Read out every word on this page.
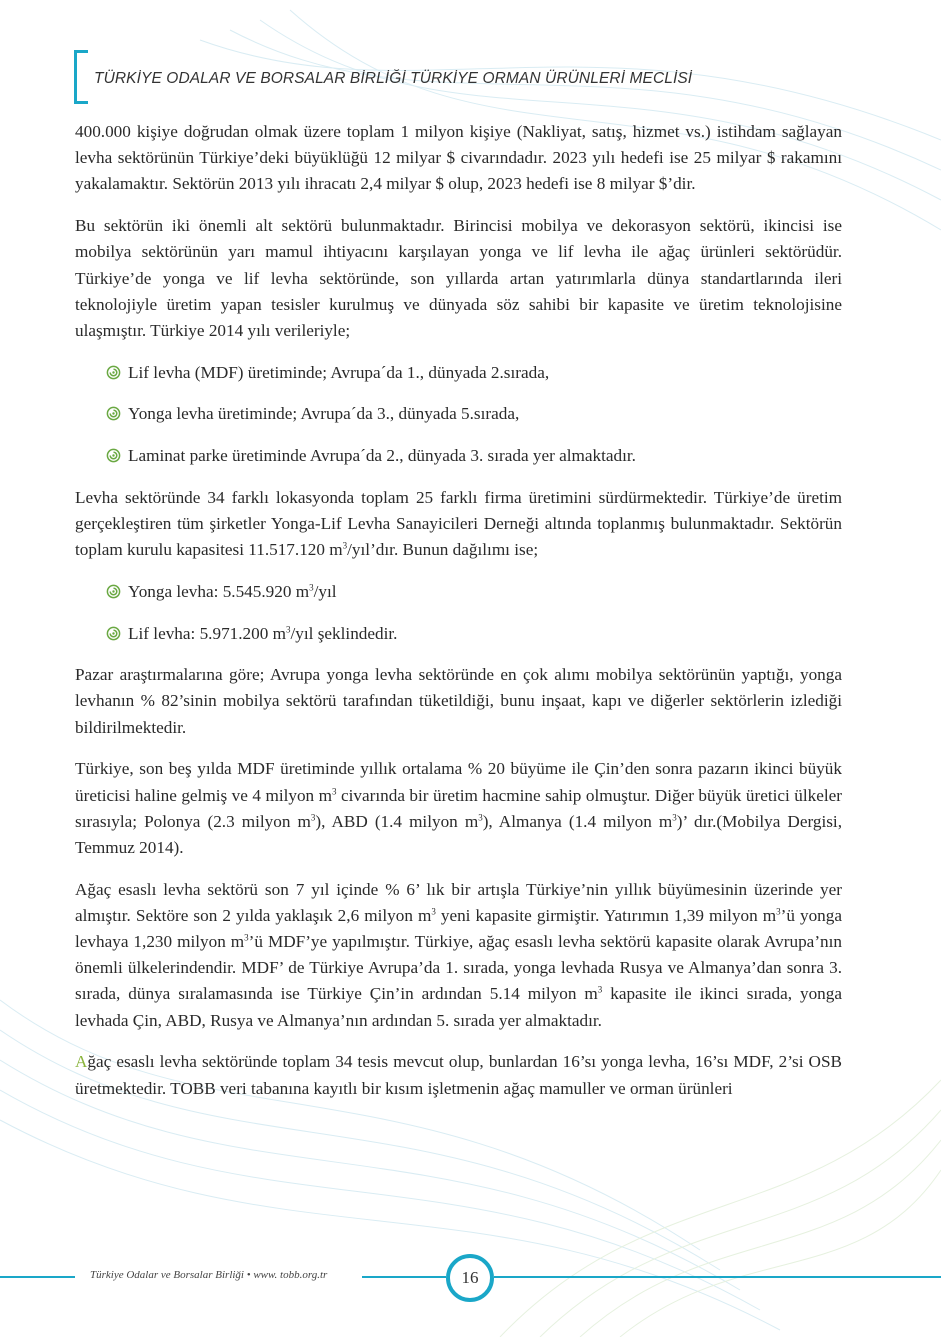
TÜRKİYE ODALAR VE BORSALAR BİRLİĞİ TÜRKİYE ORMAN ÜRÜNLERİ MECLİSİ

400.000 kişiye doğrudan olmak üzere toplam 1 milyon kişiye (Nakliyat, satış, hizmet vs.) istihdam sağlayan levha sektörünün Türkiye’deki büyüklüğü 12 milyar $ civarındadır. 2023 yılı hedefi ise 25 milyar $ rakamını yakalamaktır. Sektörün 2013 yılı ihracatı 2,4 milyar $ olup, 2023 hedefi ise 8 milyar $’dir.

Bu sektörün iki önemli alt sektörü bulunmaktadır. Birincisi mobilya ve dekorasyon sektörü, ikincisi ise mobilya sektörünün yarı mamul ihtiyacını karşılayan yonga ve lif levha ile ağaç ürünleri sektörüdür. Türkiye’de yonga ve lif levha sektöründe, son yıllarda artan yatırımlarla dünya standartlarında ileri teknolojiyle üretim yapan tesisler kurulmuş ve dünyada söz sahibi bir kapasite ve üretim teknolojisine ulaşmıştır. Türkiye 2014 yılı verileriyle;

Lif levha (MDF) üretiminde; Avrupa´da 1., dünyada 2.sırada,
Yonga levha üretiminde; Avrupa´da 3., dünyada 5.sırada,
Laminat parke üretiminde Avrupa´da 2., dünyada 3. sırada yer almaktadır.

Levha sektöründe 34 farklı lokasyonda toplam 25 farklı firma üretimini sürdürmektedir. Türkiye’de üretim gerçekleştiren tüm şirketler Yonga-Lif Levha Sanayicileri Derneği altında toplanmış bulunmaktadır. Sektörün toplam kurulu kapasitesi 11.517.120 $m^3/yıl’dır$. Bunun dağılımı ise;

Yonga levha: 5.545.920 $m^3$/yıl
Lif levha: 5.971.200 $m^3$/yıl şeklindedir.

Pazar araştırmalarına göre; Avrupa yonga levha sektöründe en çok alımı mobilya sektörünün yaptığı, yonga levhanın % 82’sinin mobilya sektörü tarafından tüketildiği, bunu inşaat, kapı ve diğerler sektörlerin izlediği bildirilmektedir.

Türkiye, son beş yılda MDF üretiminde yıllık ortalama % 20 büyüme ile Çin’den sonra pazarın ikinci büyük üreticisi haline gelmiş ve 4 milyon $m^3$ civarında bir üretim hacmine sahip olmuştur. Diğer büyük üretici ülkeler sırasıyla; Polonya (2.3 milyon $m^3$), ABD (1.4 milyon $m^3$), Almanya (1.4 milyon $m^3$)’ dır.(Mobilya Dergisi, Temmuz 2014).

Ağaç esaslı levha sektörü son 7 yıl içinde % 6’ lık bir artışla Türkiye’nin yıllık büyümesinin üzerinde yer almıştır. Sektöre son 2 yılda yaklaşık 2,6 milyon $m^3$ yeni kapasite girmiştir. Yatırımın 1,39 milyon $m^3’ü$ yonga levhaya 1,230 milyon $m^3’ü$ MDF’ye yapılmıştır. Türkiye, ağaç esaslı levha sektörü kapasite olarak Avrupa’nın önemli ülkelerindendir. MDF’ de Türkiye Avrupa’da 1. sırada, yonga levhada Rusya ve Almanya’dan sonra 3. sırada, dünya sıralamasında ise Türkiye Çin’in ardından 5.14 milyon $m^3$ kapasite ile ikinci sırada, yonga levhada Çin, ABD, Rusya ve Almanya’nın ardından 5. sırada yer almaktadır.

Ağaç esaslı levha sektöründe toplam 34 tesis mevcut olup, bunlardan 16’sı yonga levha, 16’sı MDF, 2’si OSB üretmektedir. TOBB veri tabanına kayıtlı bir kısım işletmenin ağaç mamuller ve orman ürünleri

Türkiye Odalar ve Borsalar Birliği • www. tobb.org.tr	16
